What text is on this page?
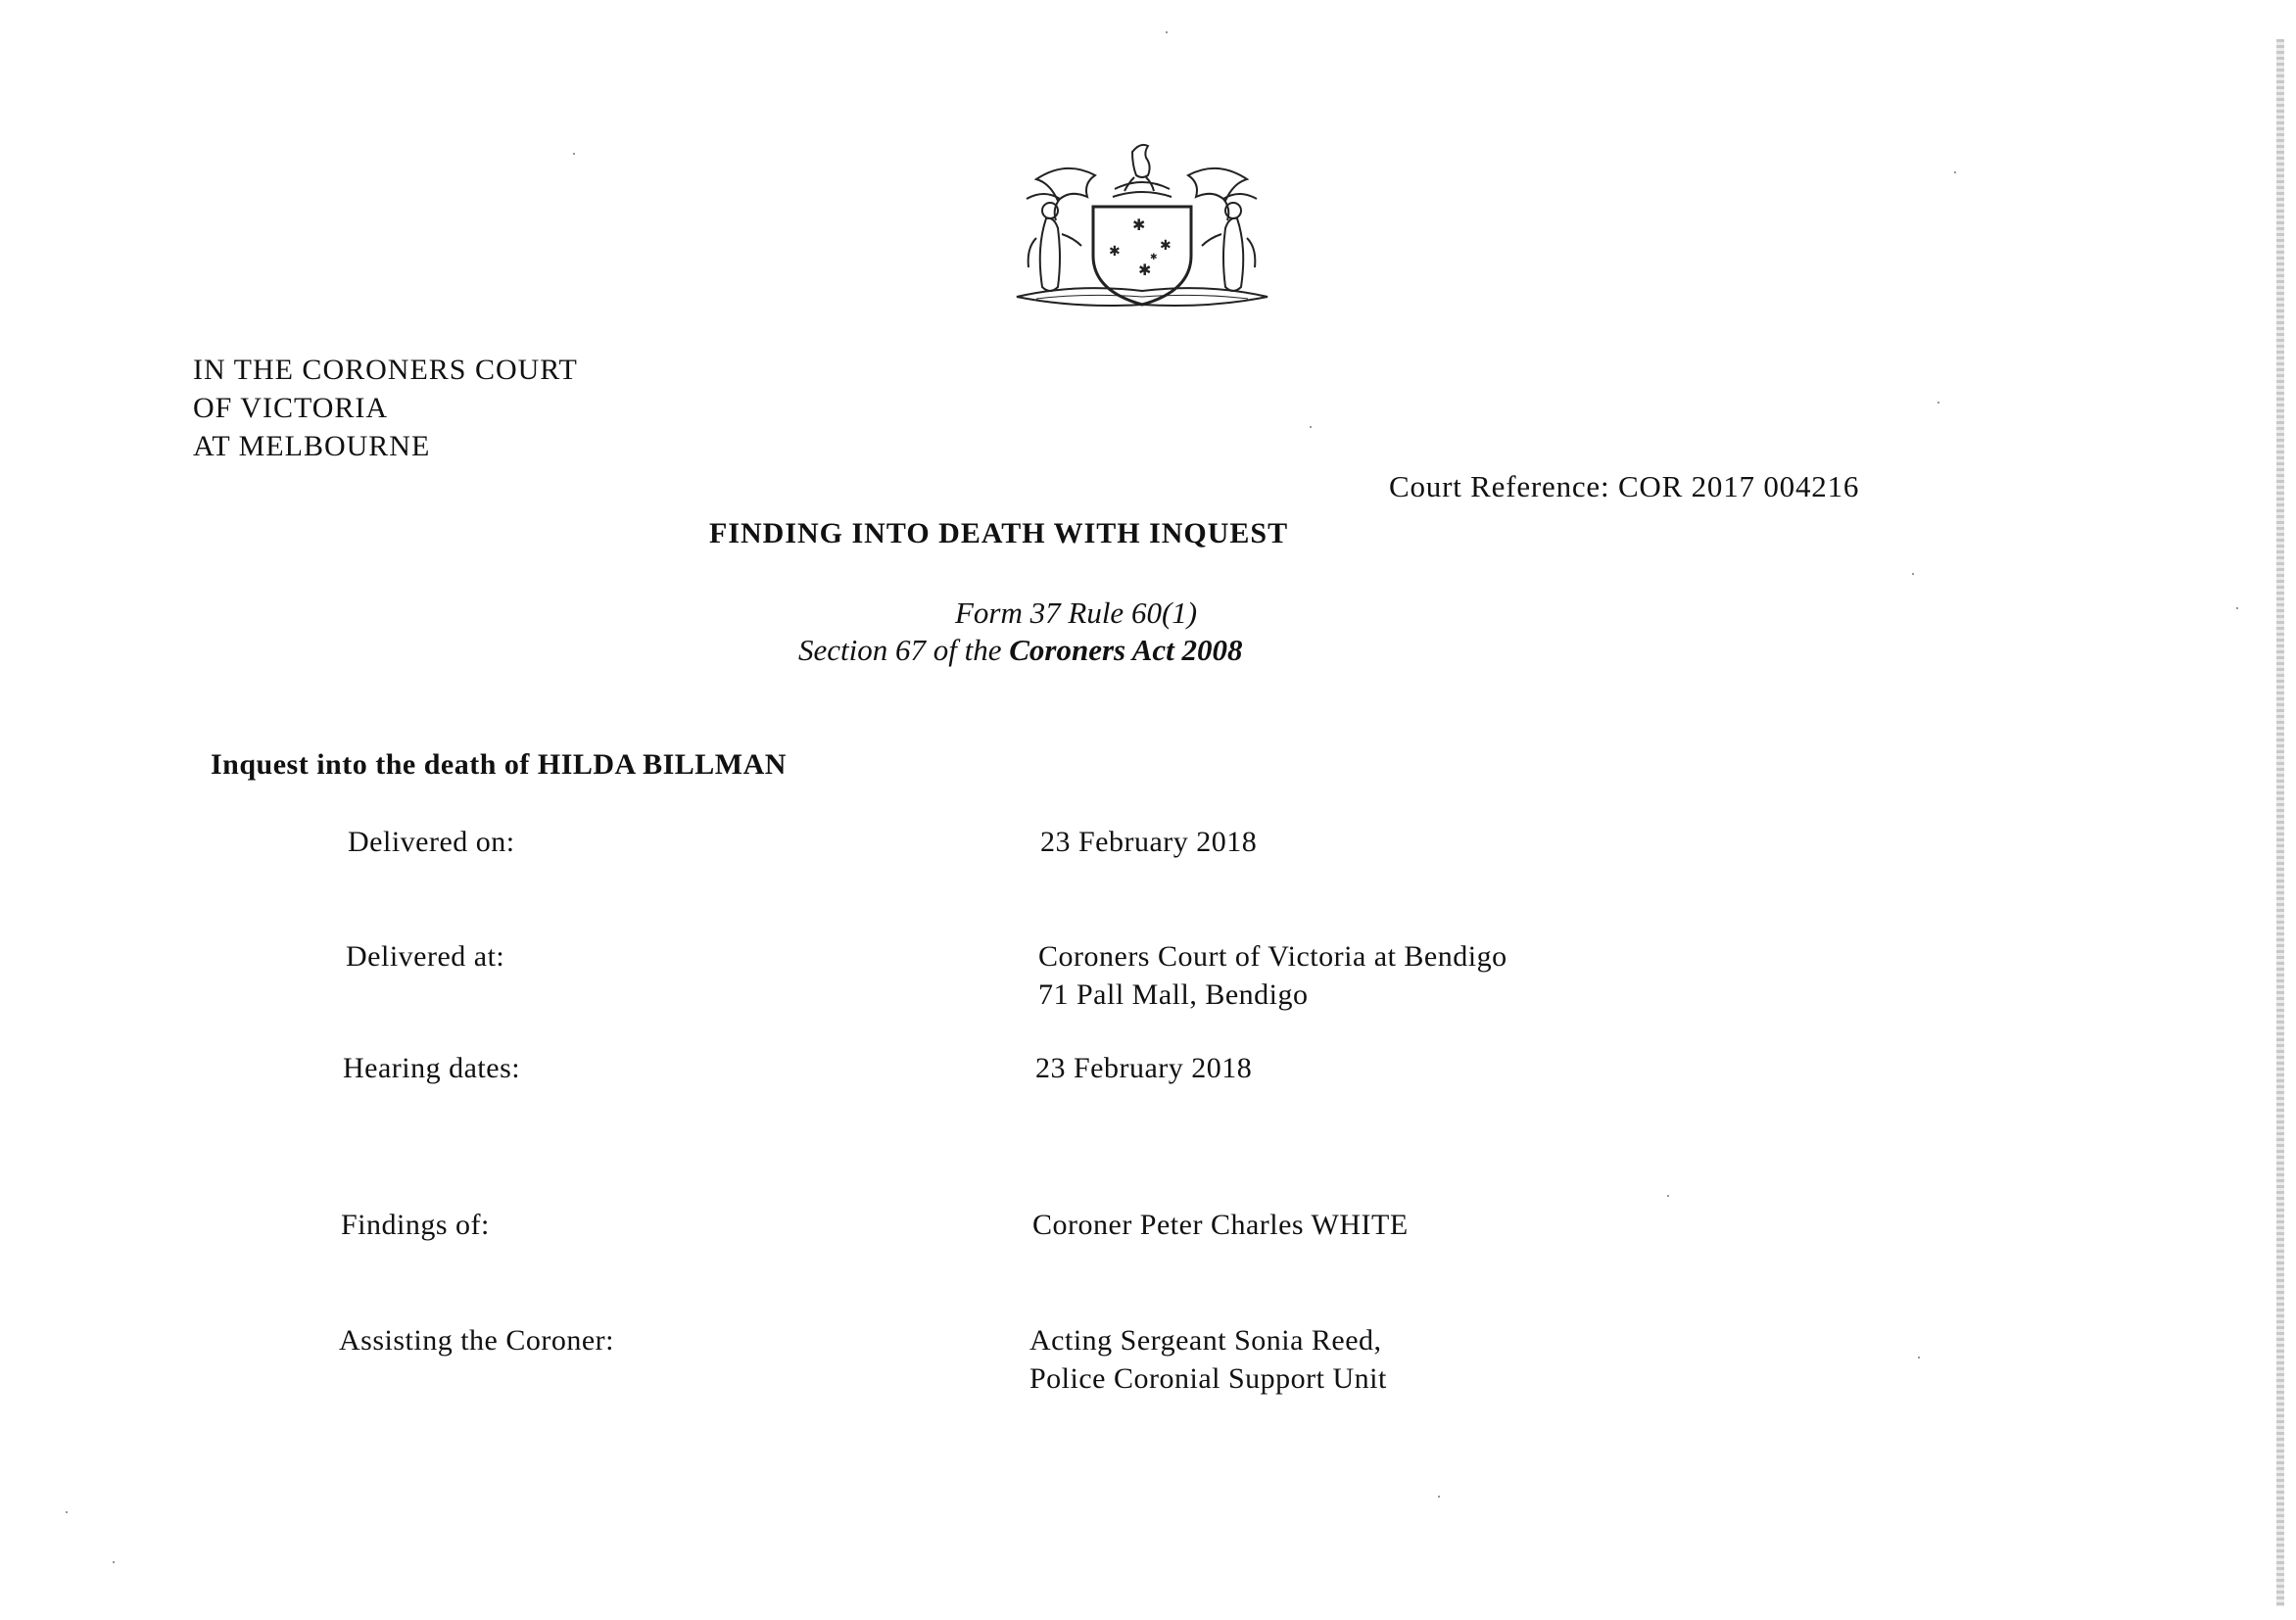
✱
✱	✱
✱
✱
IN THE CORONERS COURT
OF VICTORIA
AT MELBOURNE
Court Reference: COR 2017 004216
FINDING INTO DEATH WITH INQUEST
Form 37 Rule 60(1)
Section 67 of the Coroners Act 2008
Inquest into the death of HILDA BILLMAN
Delivered on:	23 February 2018
Delivered at:	Coroners Court of Victoria at Bendigo
71 Pall Mall, Bendigo
Hearing dates:	23 February 2018
Findings of:	Coroner Peter Charles WHITE
Assisting the Coroner:	Acting Sergeant Sonia Reed,
Police Coronial Support Unit
